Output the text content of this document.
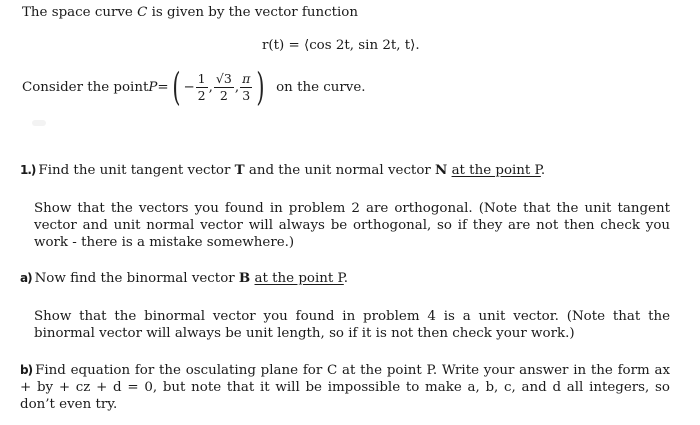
The space curve C is given by the vector function
r(t) = ⟨cos 2t, sin 2t, t⟩.
Consider the point P = ( − $\frac{1}{2}$ , $\frac{√3}{2}$ , $\frac{\pi}{3}$ ) on the curve.
1.) Find the unit tangent vector T and the unit normal vector N at the point P.
Show that the vectors you found in problem 2 are orthogonal. (Note that the unit tangent vector and unit normal vector will always be orthogonal, so if they are not then check you work - there is a mistake somewhere.)
a) Now find the binormal vector B at the point P.
Show that the binormal vector you found in problem 4 is a unit vector. (Note that the binormal vector will always be unit length, so if it is not then check your work.)
b) Find equation for the osculating plane for C at the point P. Write your answer in the form ax + by + cz + d = 0, but note that it will be impossible to make a, b, c, and d all integers, so don’t even try.
